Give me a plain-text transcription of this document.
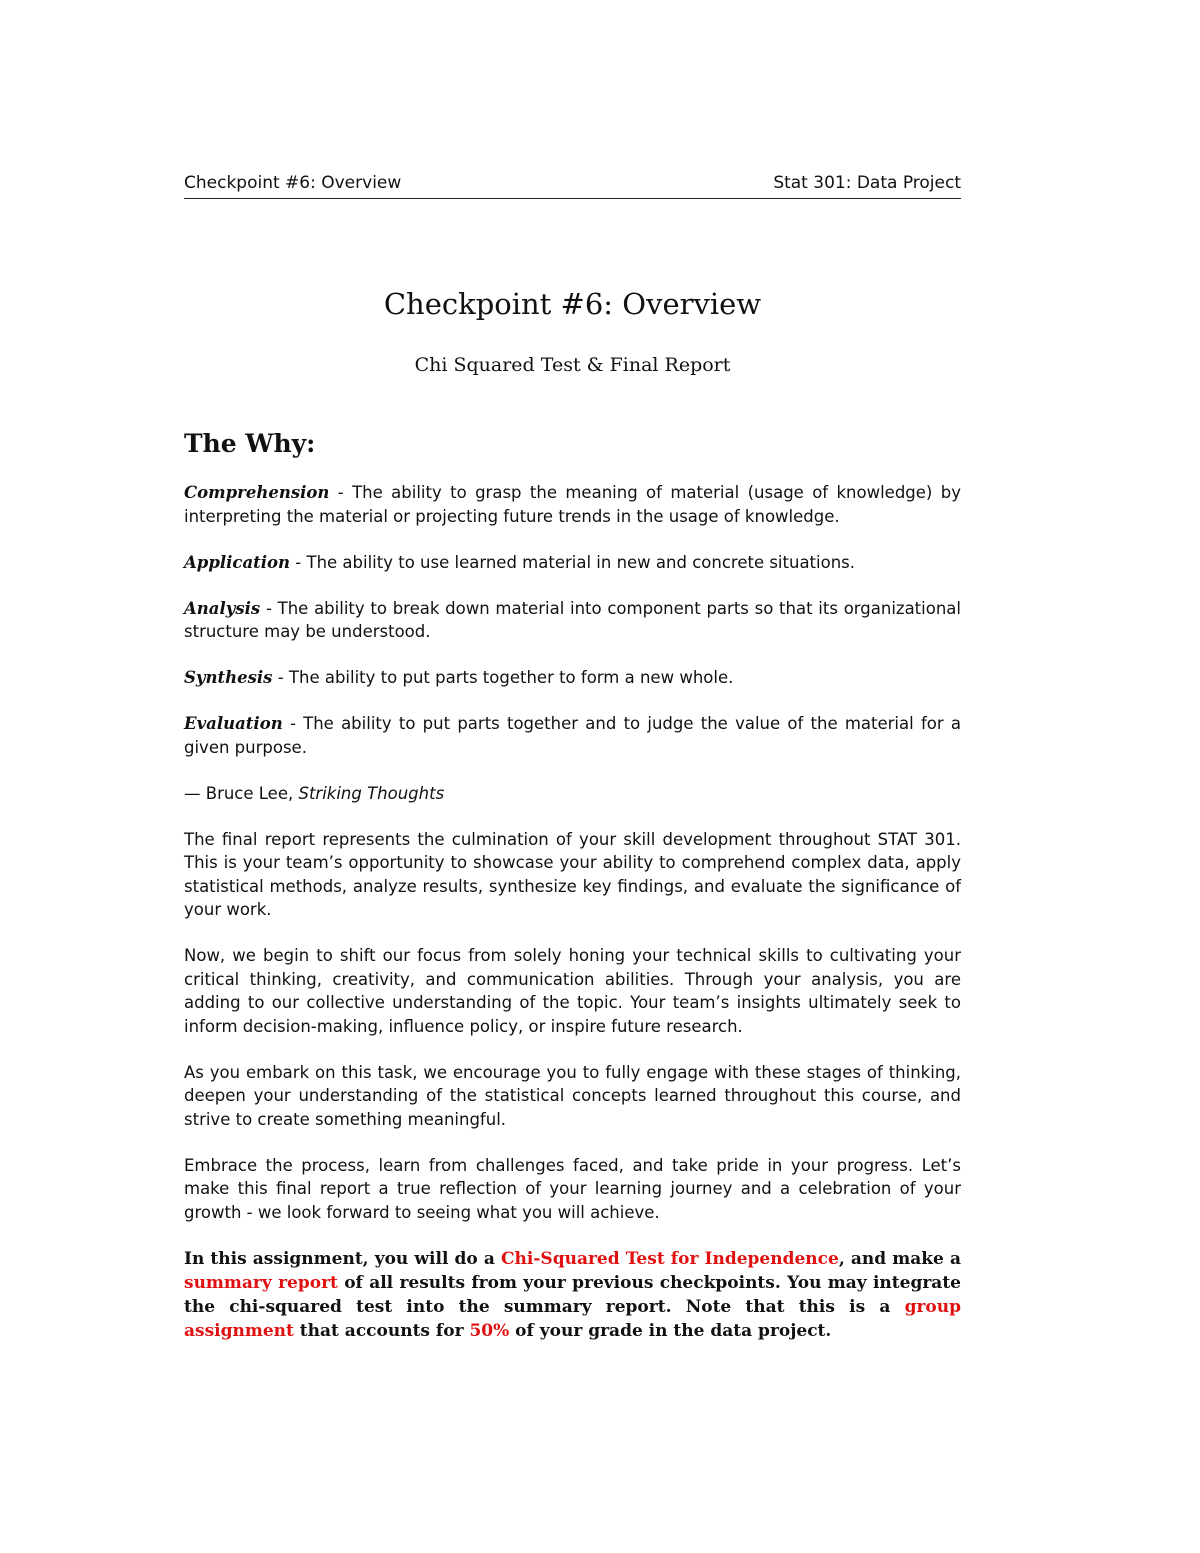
Checkpoint #6: Overview	Stat 301: Data Project
Checkpoint #6: Overview
Chi Squared Test & Final Report
The Why:

Comprehension - The ability to grasp the meaning of material (usage of knowledge) by interpreting the material or projecting future trends in the usage of knowledge.

Application - The ability to use learned material in new and concrete situations.

Analysis - The ability to break down material into component parts so that its organizational structure may be understood.

Synthesis - The ability to put parts together to form a new whole.

Evaluation - The ability to put parts together and to judge the value of the material for a given purpose.

— Bruce Lee, Striking Thoughts

The final report represents the culmination of your skill development throughout STAT 301. This is your team’s opportunity to showcase your ability to comprehend complex data, apply statistical methods, analyze results, synthesize key findings, and evaluate the significance of your work.

Now, we begin to shift our focus from solely honing your technical skills to cultivating your critical thinking, creativity, and communication abilities. Through your analysis, you are adding to our collective understanding of the topic. Your team’s insights ultimately seek to inform decision-making, influence policy, or inspire future research.

As you embark on this task, we encourage you to fully engage with these stages of thinking, deepen your understanding of the statistical concepts learned throughout this course, and strive to create something meaningful.

Embrace the process, learn from challenges faced, and take pride in your progress. Let’s make this final report a true reflection of your learning journey and a celebration of your growth - we look forward to seeing what you will achieve.

In this assignment, you will do a Chi-Squared Test for Independence, and make a summary report of all results from your previous checkpoints. You may integrate the chi-squared test into the summary report. Note that this is a group assignment that accounts for 50% of your grade in the data project.
